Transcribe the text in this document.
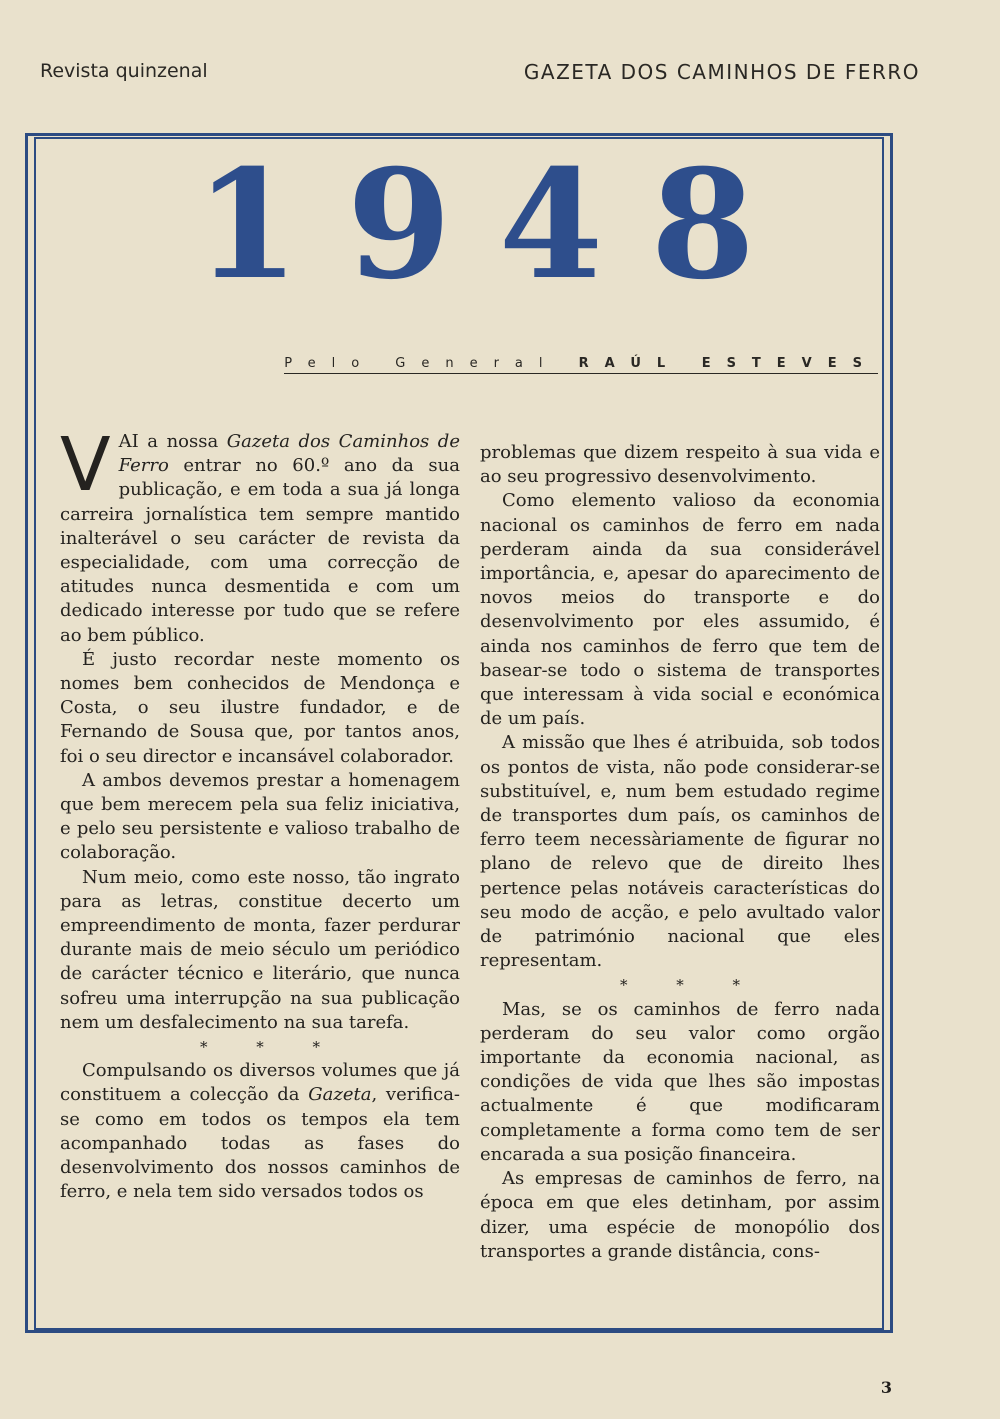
Revista quinzenal	GAZETA DOS CAMINHOS DE FERRO
1 9 4 8
Pelo General RAÚL ESTEVES

VAI a nossa Gazeta dos Caminhos de Ferro entrar no 60.º ano da sua publicação, e em toda a sua já longa carreira jornalística tem sempre mantido inalterável o seu carácter de revista da especialidade, com uma correcção de atitudes nunca desmentida e com um dedicado interesse por tudo que se refere ao bem público.

É justo recordar neste momento os nomes bem conhecidos de Mendonça e Costa, o seu ilustre fundador, e de Fernando de Sousa que, por tantos anos, foi o seu director e incansável colaborador.

A ambos devemos prestar a homenagem que bem merecem pela sua feliz iniciativa, e pelo seu persistente e valioso trabalho de colaboração.

Num meio, como este nosso, tão ingrato para as letras, constitue decerto um empreendimento de monta, fazer perdurar durante mais de meio século um periódico de carácter técnico e literário, que nunca sofreu uma interrupção na sua publicação nem um desfalecimento na sua tarefa.

* * *

Compulsando os diversos volumes que já constituem a colecção da Gazeta, verifica-se como em todos os tempos ela tem acompanhado todas as fases do desenvolvimento dos nossos caminhos de ferro, e nela tem sido versados todos os

problemas que dizem respeito à sua vida e ao seu progressivo desenvolvimento.

Como elemento valioso da economia nacional os caminhos de ferro em nada perderam ainda da sua considerável importância, e, apesar do aparecimento de novos meios do transporte e do desenvolvimento por eles assumido, é ainda nos caminhos de ferro que tem de basear-se todo o sistema de transportes que interessam à vida social e económica de um país.

A missão que lhes é atribuida, sob todos os pontos de vista, não pode considerar-se substituível, e, num bem estudado regime de transportes dum país, os caminhos de ferro teem necessàriamente de figurar no plano de relevo que de direito lhes pertence pelas notáveis características do seu modo de acção, e pelo avultado valor de património nacional que eles representam.

* * *

Mas, se os caminhos de ferro nada perderam do seu valor como orgão importante da economia nacional, as condições de vida que lhes são impostas actualmente é que modificaram completamente a forma como tem de ser encarada a sua posição financeira.

As empresas de caminhos de ferro, na época em que eles detinham, por assim dizer, uma espécie de monopólio dos transportes a grande distância, cons-

3
